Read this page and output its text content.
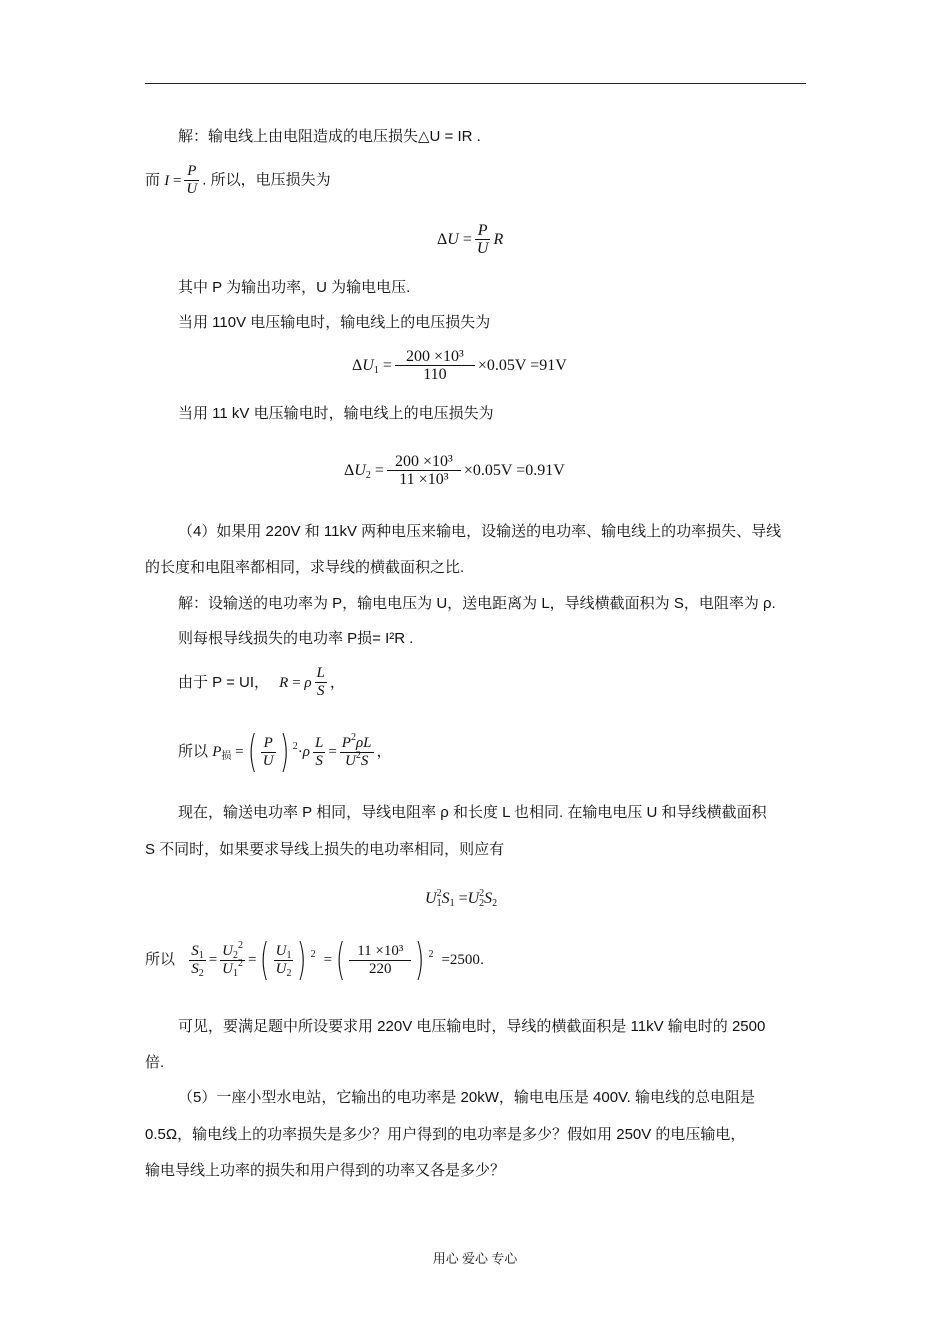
解：输电线上由电阻造成的电压损失△U = IR .
而 $I = \frac{P}{U}$ . 所以，电压损失为
$\Delta U = \frac{P}{U}$ R
其中 P 为输出功率，U 为输电电压.
当用 110V 电压输电时，输电线上的电压损失为
$\Delta U_1 = \frac{\text{200 ×10³}}{110} \times 0.05V =91V$
当用 11 kV 电压输电时，输电线上的电压损失为
$\Delta U_2 = \frac{\text{200 ×10³}}{\text{11 ×10³}} \times 0.05V =0.91V$
（4）如果用 220V 和 11kV 两种电压来输电，设输送的电功率、输电线上的功率损失、导线
的长度和电阻率都相同，求导线的横截面积之比.
解：设输送的电功率为 P，输电电压为 U，送电距离为 L，导线横截面积为 S，电阻率为 ρ.
则每根导线损失的电功率 P损= I²R .
由于 P = UI， R = ρ $\frac{L}{S}$ ，
所以 $P_损$ =( $\frac{P}{U}$ ) $^2\cdot\rho \frac{L}{S} = \frac{P^2\rho L}{U^2S}$ ，
现在，输送电功率 P 相同，导线电阻率 ρ 和长度 L 也相同. 在输电电压 U 和导线横截面积
S 不同时，如果要求导线上损失的电功率相同，则应有
$U_1^2S_1 =U_2^2S_2$
所以 $\frac{S_1}{S_2} = \frac{U_2^2}{U_1^2}$ =( $\frac{U_1}{U_2}$ ) $^2$ =( $\frac{\text{11 ×10³}}{220}$ ) $^2$ =2500.
可见，要满足题中所设要求用 220V 电压输电时，导线的横截面积是 11kV 输电时的 2500
倍.
（5）一座小型水电站，它输出的电功率是 20kW，输电电压是 400V. 输电线的总电阻是
0.5Ω，输电线上的功率损失是多少？用户得到的电功率是多少？假如用 250V 的电压输电，
输电导线上功率的损失和用户得到的功率又各是多少？
用心 爱心 专心
